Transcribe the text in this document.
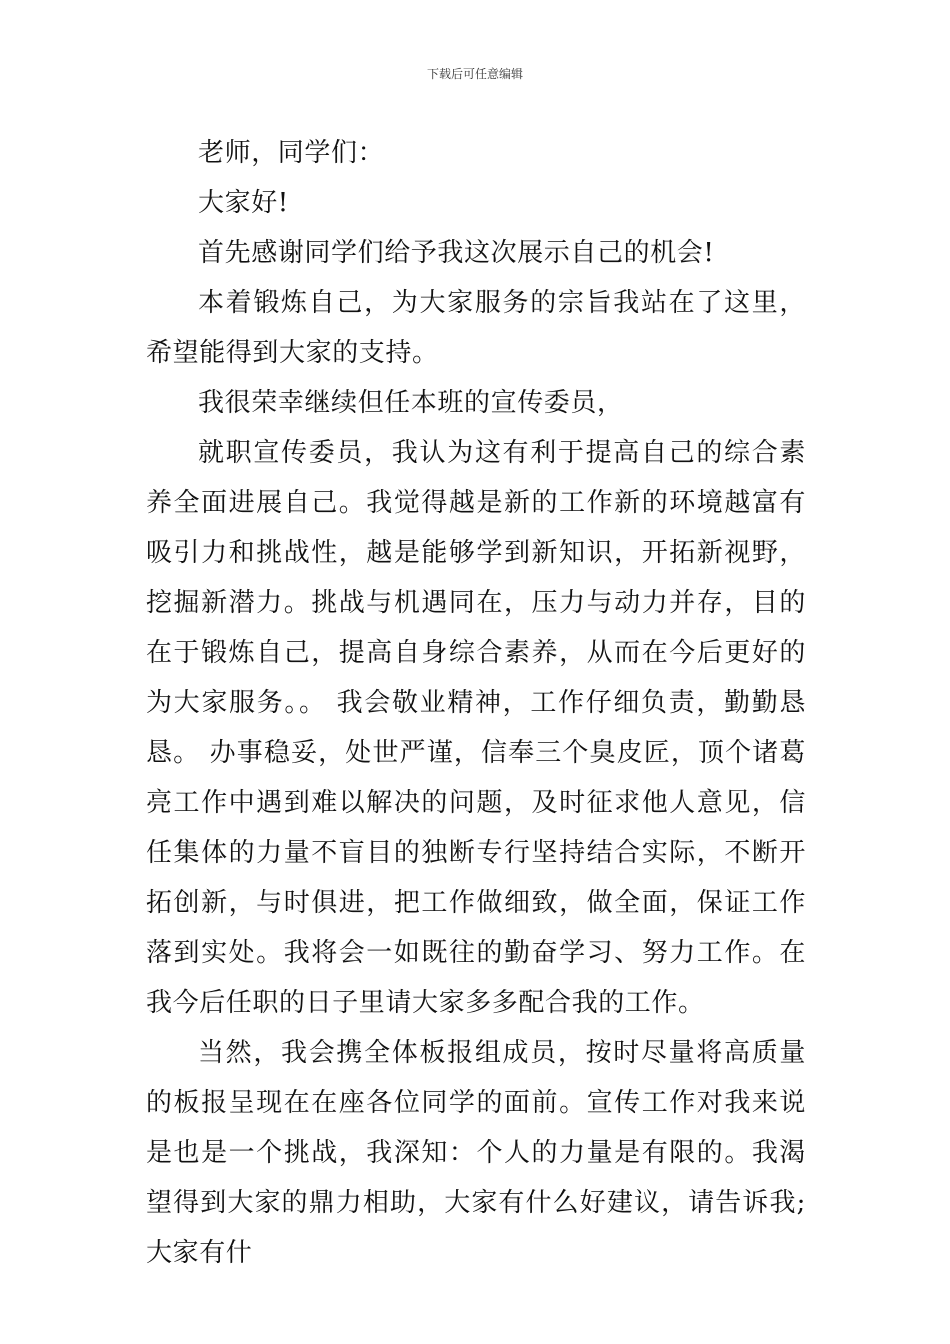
下载后可任意编辑

老师，同学们：

大家好!

首先感谢同学们给予我这次展示自己的机会!

本着锻炼自己，为大家服务的宗旨我站在了这里，希望能得到大家的支持。

我很荣幸继续但任本班的宣传委员，

就职宣传委员，我认为这有利于提高自己的综合素养全面进展自己。我觉得越是新的工作新的环境越富有吸引力和挑战性，越是能够学到新知识，开拓新视野，挖掘新潜力。挑战与机遇同在，压力与动力并存，目的在于锻炼自己，提高自身综合素养，从而在今后更好的为大家服务。。 我会敬业精神，工作仔细负责，勤勤恳恳。 办事稳妥，处世严谨，信奉三个臭皮匠，顶个诸葛亮工作中遇到难以解决的问题，及时征求他人意见，信任集体的力量不盲目的独断专行坚持结合实际，不断开拓创新，与时俱进，把工作做细致，做全面，保证工作落到实处。我将会一如既往的勤奋学习、努力工作。在我今后任职的日子里请大家多多配合我的工作。

当然，我会携全体板报组成员，按时尽量将高质量的板报呈现在在座各位同学的面前。宣传工作对我来说是也是一个挑战，我深知：个人的力量是有限的。我渴望得到大家的鼎力相助，大家有什么好建议，请告诉我;大家有什
